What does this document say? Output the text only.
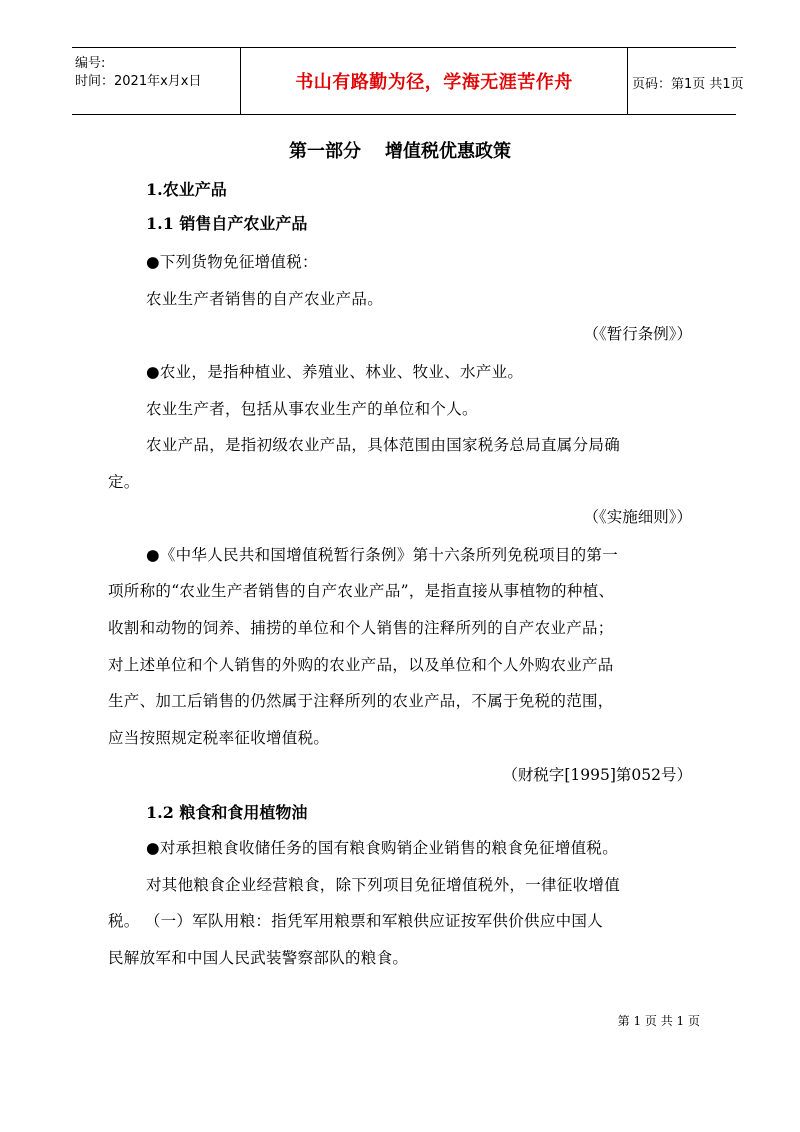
编号:
时间：2021年x月x日	书山有路勤为径，学海无涯苦作舟	页码：第1页 共1页
第一部分 增值税优惠政策
1.农业产品
1.1 销售自产农业产品
●下列货物免征增值税：
农业生产者销售的自产农业产品。
（《暂行条例》）
●农业，是指种植业、养殖业、林业、牧业、水产业。
农业生产者，包括从事农业生产的单位和个人。
农业产品，是指初级农业产品，具体范围由国家税务总局直属分局确
定。
（《实施细则》）
●《中华人民共和国增值税暂行条例》第十六条所列免税项目的第一
项所称的“农业生产者销售的自产农业产品”，是指直接从事植物的种植、
收割和动物的饲养、捕捞的单位和个人销售的注释所列的自产农业产品；
对上述单位和个人销售的外购的农业产品，以及单位和个人外购农业产品
生产、加工后销售的仍然属于注释所列的农业产品，不属于免税的范围，
应当按照规定税率征收增值税。
（财税字[1995]第052号）
1.2 粮食和食用植物油
●对承担粮食收储任务的国有粮食购销企业销售的粮食免征增值税。
对其他粮食企业经营粮食，除下列项目免征增值税外，一律征收增值
税。 （一）军队用粮：指凭军用粮票和军粮供应证按军供价供应中国人
民解放军和中国人民武装警察部队的粮食。
第 1 页 共 1 页
